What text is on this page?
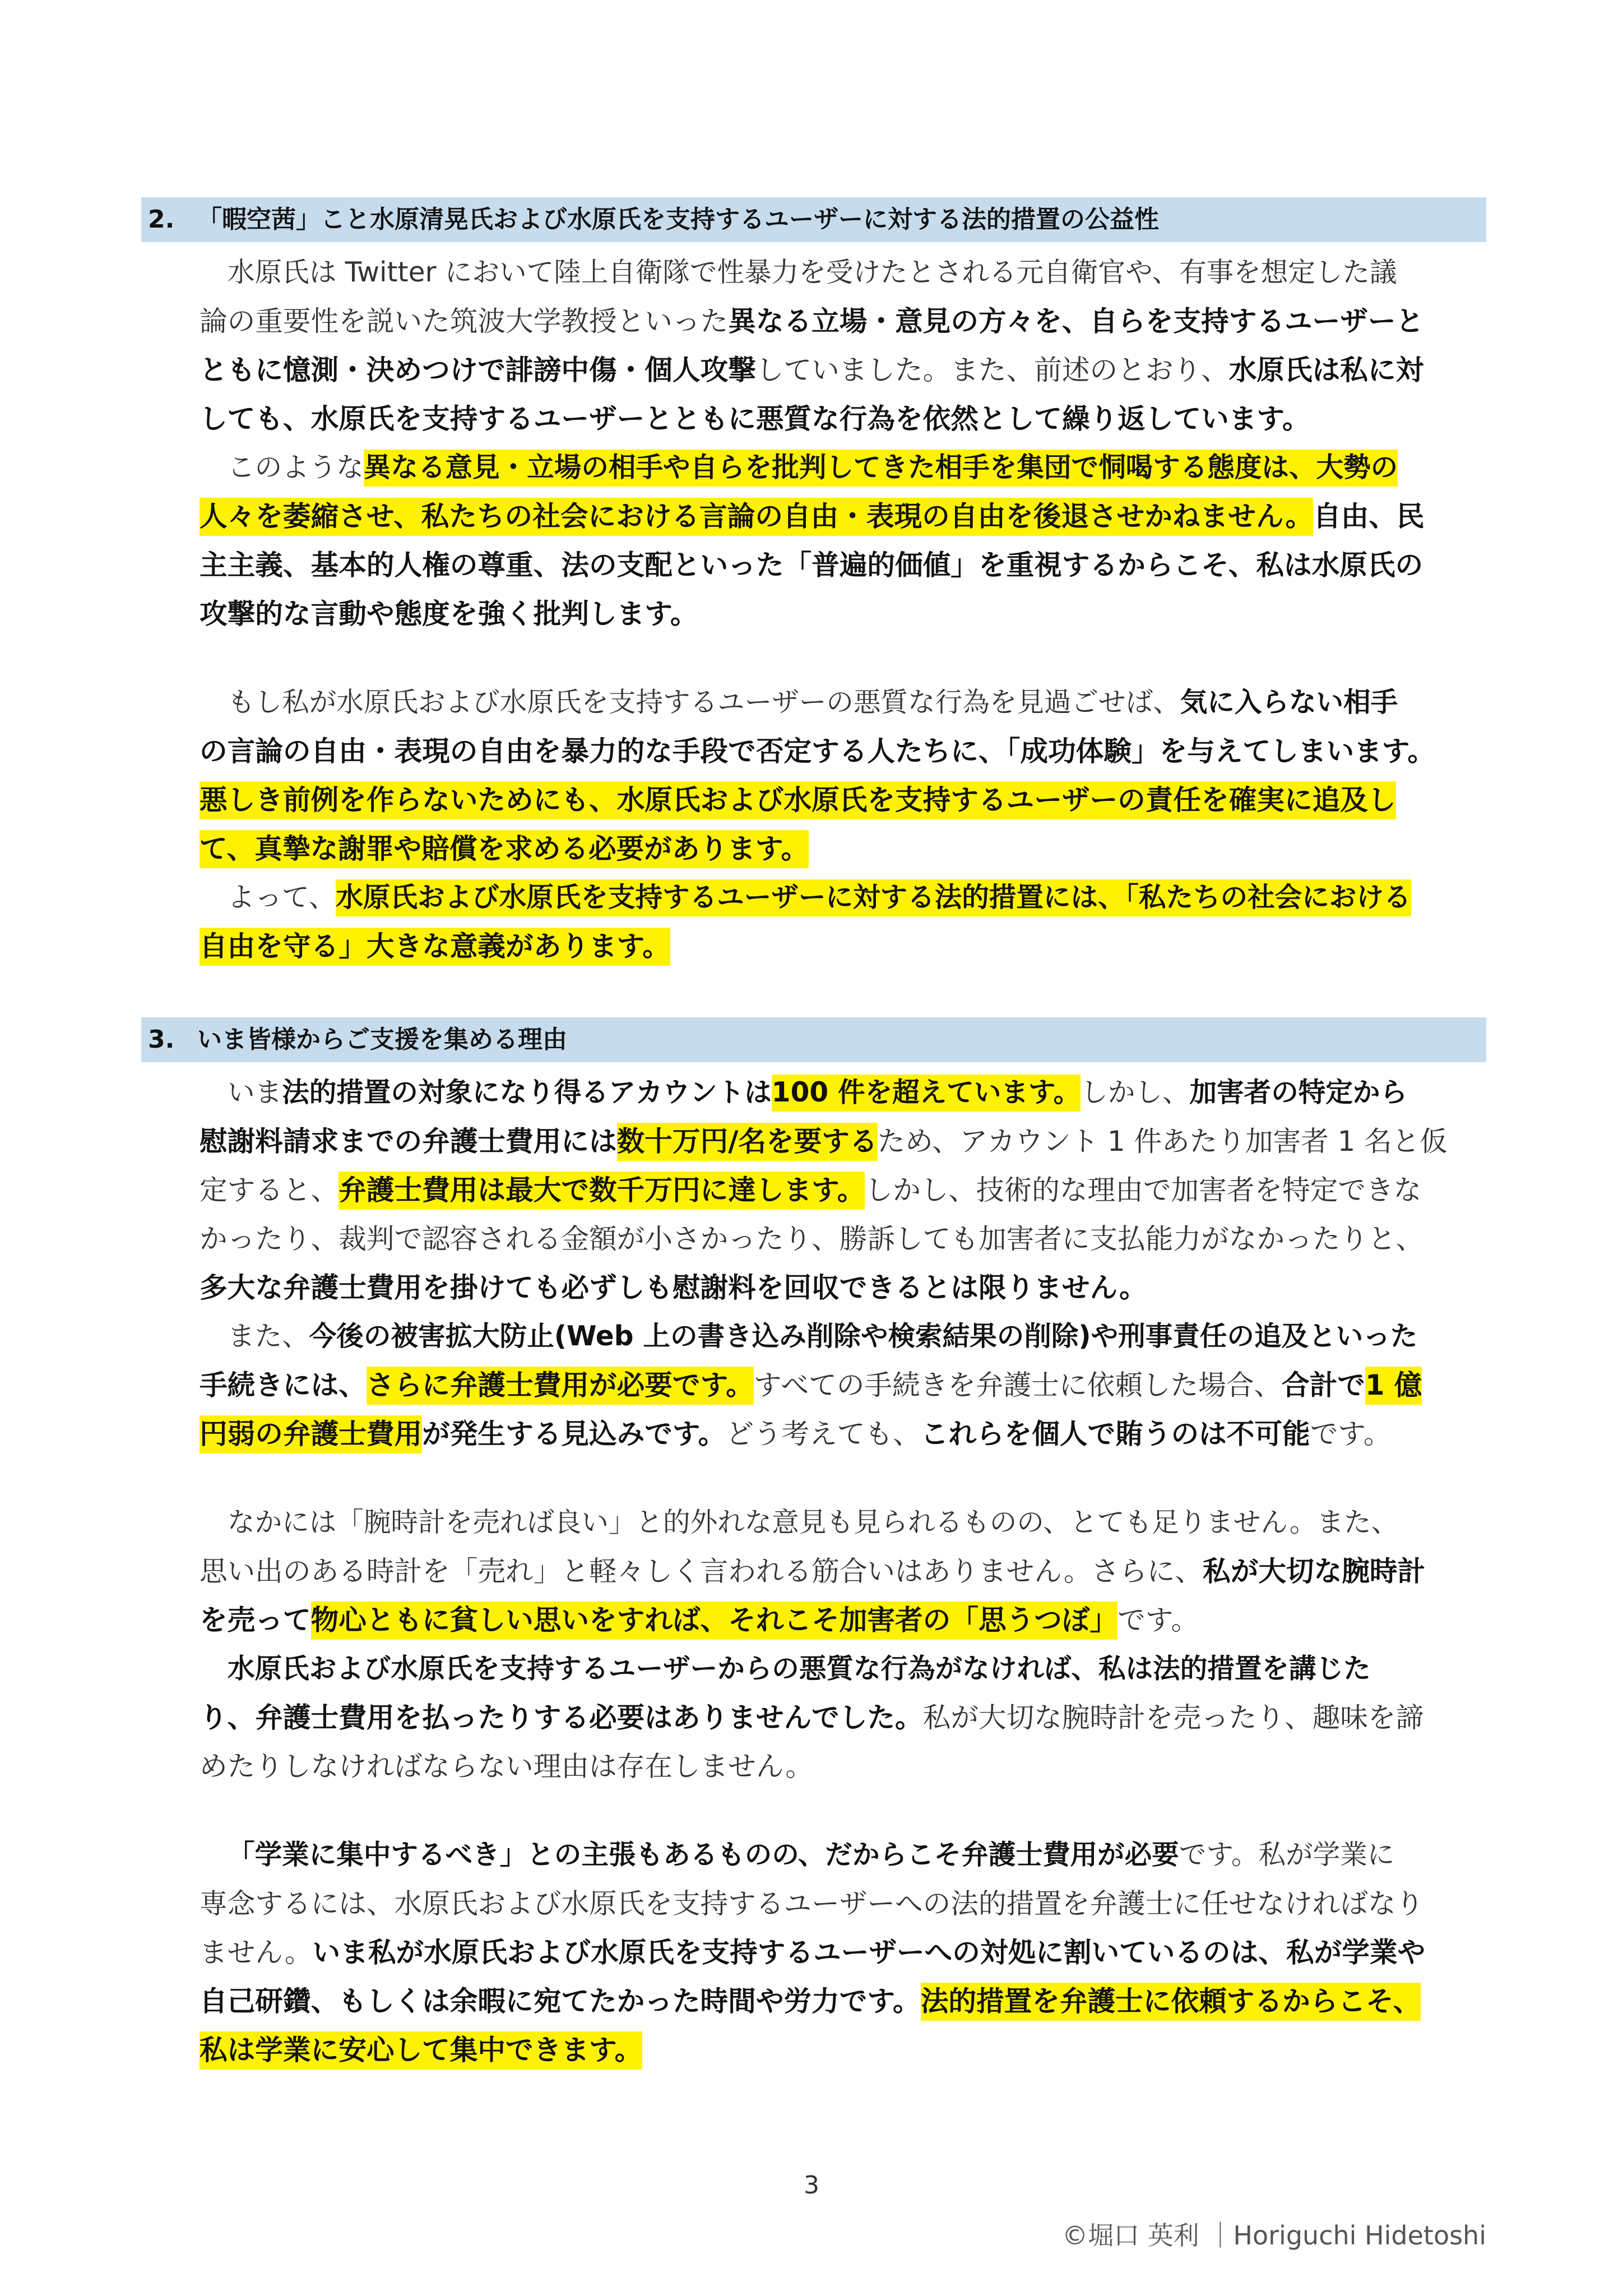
2. 「暇空茜」こと水原清晃氏および水原氏を支持するユーザーに対する法的措置の公益性
水原氏は Twitter において陸上自衛隊で性暴力を受けたとされる元自衛官や、有事を想定した議
論の重要性を説いた筑波大学教授といった異なる立場・意見の方々を、自らを支持するユーザーと
ともに憶測・決めつけで誹謗中傷・個人攻撃していました。また、前述のとおり、水原氏は私に対
しても、水原氏を支持するユーザーとともに悪質な行為を依然として繰り返しています。
このような異なる意見・立場の相手や自らを批判してきた相手を集団で恫喝する態度は、大勢の
人々を萎縮させ、私たちの社会における言論の自由・表現の自由を後退させかねません。自由、民
主主義、基本的人権の尊重、法の支配といった「普遍的価値」を重視するからこそ、私は水原氏の
攻撃的な言動や態度を強く批判します。
もし私が水原氏および水原氏を支持するユーザーの悪質な行為を見過ごせば、気に入らない相手
の言論の自由・表現の自由を暴力的な手段で否定する人たちに、「成功体験」を与えてしまいます。
悪しき前例を作らないためにも、水原氏および水原氏を支持するユーザーの責任を確実に追及し
て、真摯な謝罪や賠償を求める必要があります。
よって、水原氏および水原氏を支持するユーザーに対する法的措置には、「私たちの社会における
自由を守る」大きな意義があります。
3. いま皆様からご支援を集める理由
いま法的措置の対象になり得るアカウントは100 件を超えています。しかし、加害者の特定から
慰謝料請求までの弁護士費用には数十万円/名を要するため、アカウント 1 件あたり加害者 1 名と仮
定すると、弁護士費用は最大で数千万円に達します。しかし、技術的な理由で加害者を特定できな
かったり、裁判で認容される金額が小さかったり、勝訴しても加害者に支払能力がなかったりと、
多大な弁護士費用を掛けても必ずしも慰謝料を回収できるとは限りません。
また、今後の被害拡大防止(Web 上の書き込み削除や検索結果の削除)や刑事責任の追及といった
手続きには、さらに弁護士費用が必要です。すべての手続きを弁護士に依頼した場合、合計で1 億
円弱の弁護士費用が発生する見込みです。どう考えても、これらを個人で賄うのは不可能です。
なかには「腕時計を売れば良い」と的外れな意見も見られるものの、とても足りません。また、
思い出のある時計を「売れ」と軽々しく言われる筋合いはありません。さらに、私が大切な腕時計
を売って物心ともに貧しい思いをすれば、それこそ加害者の「思うつぼ」です。
水原氏および水原氏を支持するユーザーからの悪質な行為がなければ、私は法的措置を講じた
り、弁護士費用を払ったりする必要はありませんでした。私が大切な腕時計を売ったり、趣味を諦
めたりしなければならない理由は存在しません。
「学業に集中するべき」との主張もあるものの、だからこそ弁護士費用が必要です。私が学業に
専念するには、水原氏および水原氏を支持するユーザーへの法的措置を弁護士に任せなければなり
ません。いま私が水原氏および水原氏を支持するユーザーへの対処に割いているのは、私が学業や
自己研鑽、もしくは余暇に宛てたかった時間や労力です。法的措置を弁護士に依頼するからこそ、
私は学業に安心して集中できます。
3
©堀口 英利 ｜Horiguchi Hidetoshi
